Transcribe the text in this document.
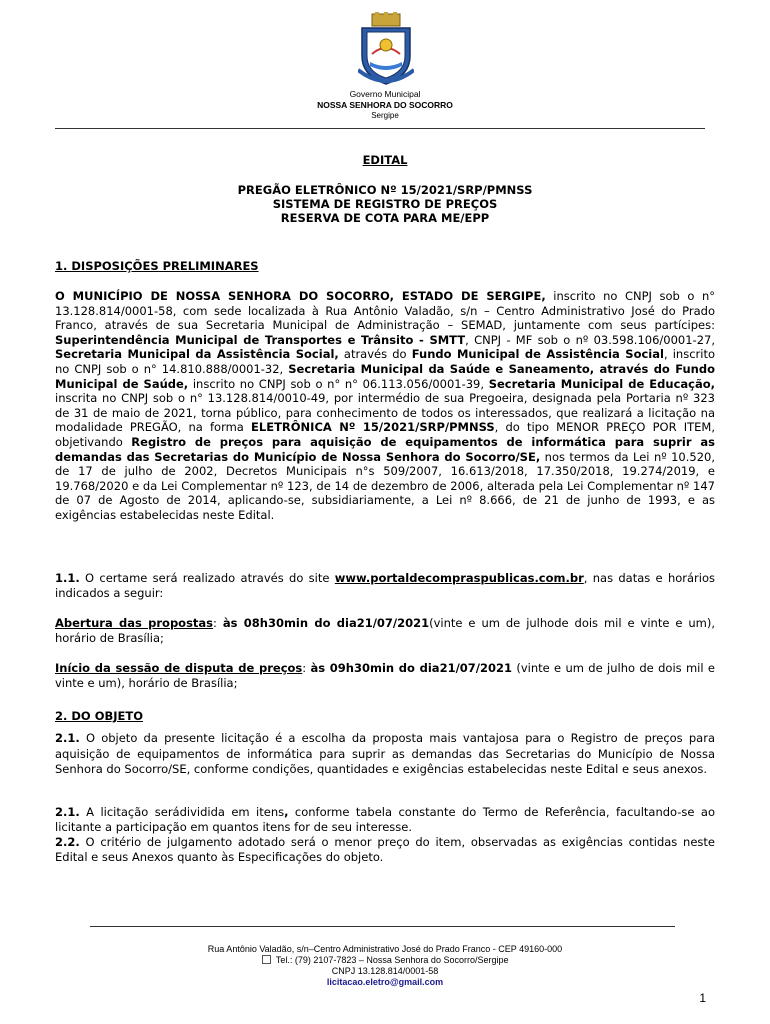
Governo Municipal
NOSSA SENHORA DO SOCORRO
Sergipe
EDITAL
PREGÃO ELETRÔNICO Nº 15/2021/SRP/PMNSS
SISTEMA DE REGISTRO DE PREÇOS
RESERVA DE COTA PARA ME/EPP
1. DISPOSIÇÕES PRELIMINARES
O MUNICÍPIO DE NOSSA SENHORA DO SOCORRO, ESTADO DE SERGIPE, inscrito no CNPJ sob o n° 13.128.814/0001-58, com sede localizada à Rua Antônio Valadão, s/n – Centro Administrativo José do Prado Franco, através de sua Secretaria Municipal de Administração – SEMAD, juntamente com seus partícipes: Superintendência Municipal de Transportes e Trânsito - SMTT, CNPJ - MF sob o nº 03.598.106/0001-27, Secretaria Municipal da Assistência Social, através do Fundo Municipal de Assistência Social, inscrito no CNPJ sob o n° 14.810.888/0001-32, Secretaria Municipal da Saúde e Saneamento, através do Fundo Municipal de Saúde, inscrito no CNPJ sob o n° n° 06.113.056/0001-39, Secretaria Municipal de Educação, inscrita no CNPJ sob o n° 13.128.814/0010-49, por intermédio de sua Pregoeira, designada pela Portaria nº 323 de 31 de maio de 2021, torna público, para conhecimento de todos os interessados, que realizará a licitação na modalidade PREGÃO, na forma ELETRÔNICA Nº 15/2021/SRP/PMNSS, do tipo MENOR PREÇO POR ITEM, objetivando Registro de preços para aquisição de equipamentos de informática para suprir as demandas das Secretarias do Município de Nossa Senhora do Socorro/SE, nos termos da Lei nº 10.520, de 17 de julho de 2002, Decretos Municipais n°s 509/2007, 16.613/2018, 17.350/2018, 19.274/2019, e 19.768/2020 e da Lei Complementar nº 123, de 14 de dezembro de 2006, alterada pela Lei Complementar nº 147 de 07 de Agosto de 2014, aplicando-se, subsidiariamente, a Lei nº 8.666, de 21 de junho de 1993, e as exigências estabelecidas neste Edital.
1.1. O certame será realizado através do site www.portaldecompraspublicas.com.br, nas datas e horários indicados a seguir:
Abertura das propostas: às 08h30min do dia21/07/2021(vinte e um de julhode dois mil e vinte e um), horário de Brasília;
Início da sessão de disputa de preços: às 09h30min do dia21/07/2021 (vinte e um de julho de dois mil e vinte e um), horário de Brasília;
2. DO OBJETO
2.1. O objeto da presente licitação é a escolha da proposta mais vantajosa para o Registro de preços para aquisição de equipamentos de informática para suprir as demandas das Secretarias do Município de Nossa Senhora do Socorro/SE, conforme condições, quantidades e exigências estabelecidas neste Edital e seus anexos.
2.1. A licitação serádividida em itens, conforme tabela constante do Termo de Referência, facultando-se ao licitante a participação em quantos itens for de seu interesse.
2.2. O critério de julgamento adotado será o menor preço do item, observadas as exigências contidas neste Edital e seus Anexos quanto às Especificações do objeto.
Rua Antônio Valadão, s/n–Centro Administrativo José do Prado Franco - CEP 49160-000
Tel.: (79) 2107-7823 – Nossa Senhora do Socorro/Sergipe
CNPJ 13.128.814/0001-58
licitacao.eletro@gmail.com
1
